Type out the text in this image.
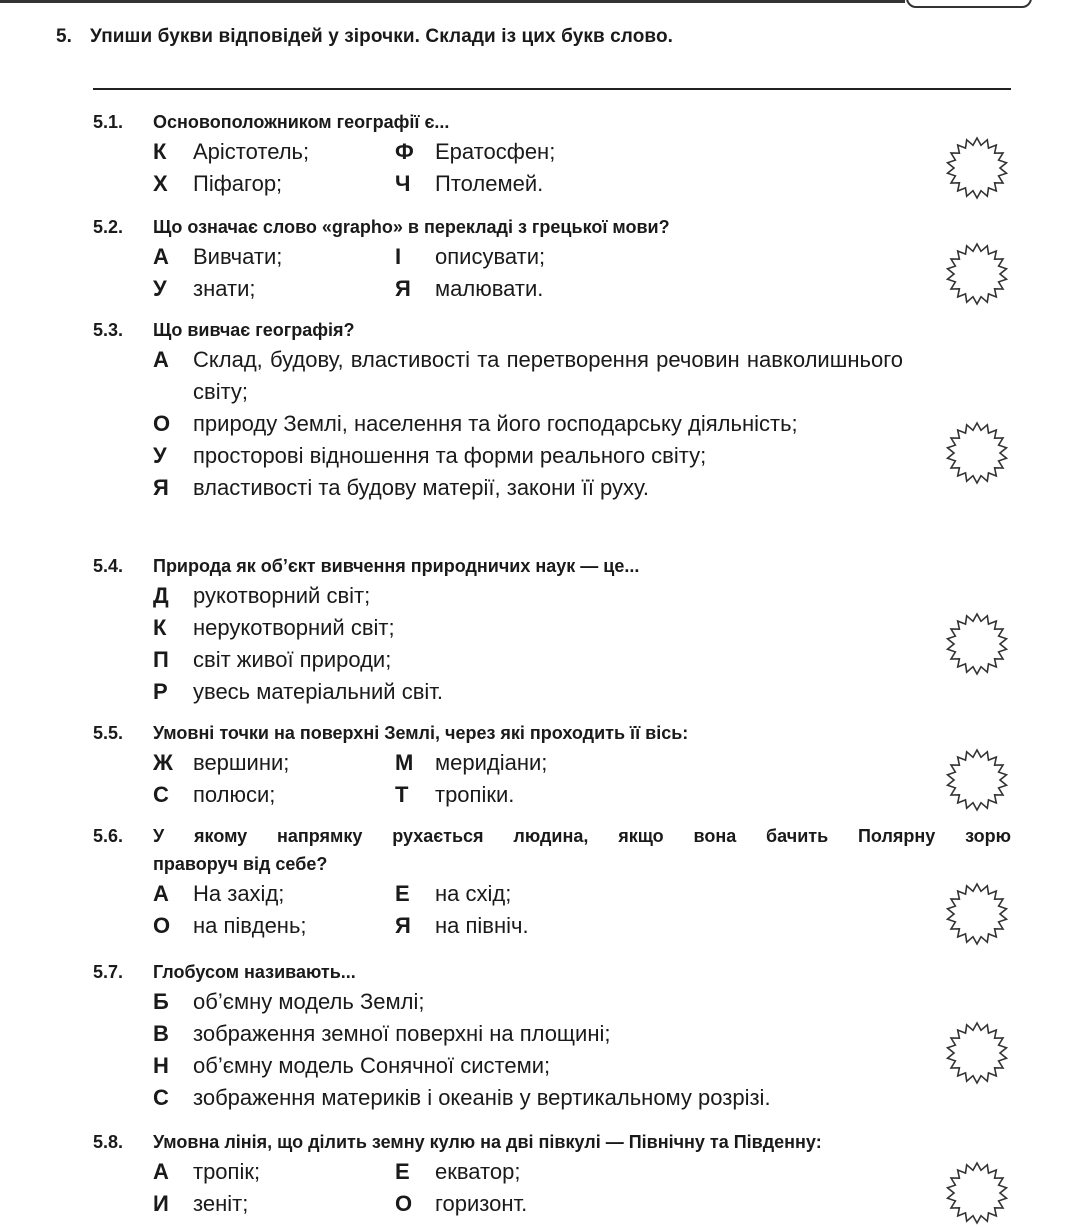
5. Упиши букви відповідей у зірочки. Склади із цих букв слово.
5.1. Основоположником географії є...
К	Арістотель;	Ф Ератосфен;
Х	Піфагор;	Ч	Птолемей.
5.2. Що означає слово «grapho» в перекладі з грецької мови?
А	Вивчати;	І	описувати;
У	знати;	Я	малювати.
5.3. Що вивчає географія?
А	Склад, будову, властивості та перетворення речовин навколишнього світу;
О	природу Землі, населення та його господарську діяльність;
У	просторові відношення та форми реального світу;
Я	властивості та будову матерії, закони її руху.
5.4. Природа як об’єкт вивчення природничих наук — це...
Д	рукотворний світ;
К	нерукотворний світ;
П	світ живої природи;
Р	увесь матеріальний світ.
5.5. Умовні точки на поверхні Землі, через які проходить її вісь:
Ж вершини;	М меридіани;
С	полюси;	Т	тропіки.
5.6. У якому напрямку рухається людина, якщо вона бачить Полярну зорю
праворуч від себе?
А	На захід;	Е	на схід;
О	на південь;	Я	на північ.
5.7. Глобусом називають...
Б	об’ємну модель Землі;
В	зображення земної поверхні на площині;
Н	об’ємну модель Сонячної системи;
С	зображення материків і океанів у вертикальному розрізі.
5.8. Умовна лінія, що ділить земну кулю на дві півкулі — Північну та Південну:
А	тропік;	Е	екватор;
И	зеніт;	О	горизонт.
